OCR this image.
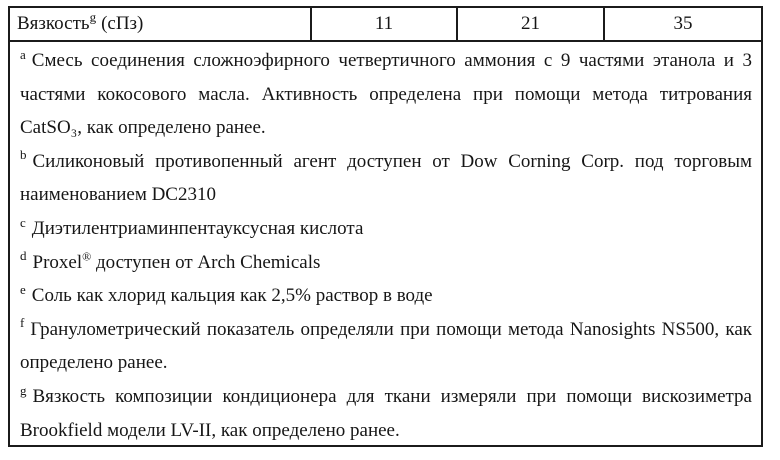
Вязкость$^g$ (сПз)	11	21	35

$^a$ Смесь соединения сложноэфирного четвертичного аммония с 9 частями этанола и 3 частями кокосового масла. Активность определена при помощи метода титрования CatSO₃, как определено ранее.

$^b$ Силиконовый противопенный агент доступен от Dow Corning Corp. под торговым наименованием DC2310

$^c$ Диэтилентриаминпентауксусная кислота

$^d$ Proxel® доступен от Arch Chemicals

$^e$ Соль как хлорид кальция как 2,5% раствор в воде

$^f$ Гранулометрический показатель определяли при помощи метода Nanosights NS500, как определено ранее.

$^g$ Вязкость композиции кондиционера для ткани измеряли при помощи вискозиметра Brookfield модели LV-II, как определено ранее.
